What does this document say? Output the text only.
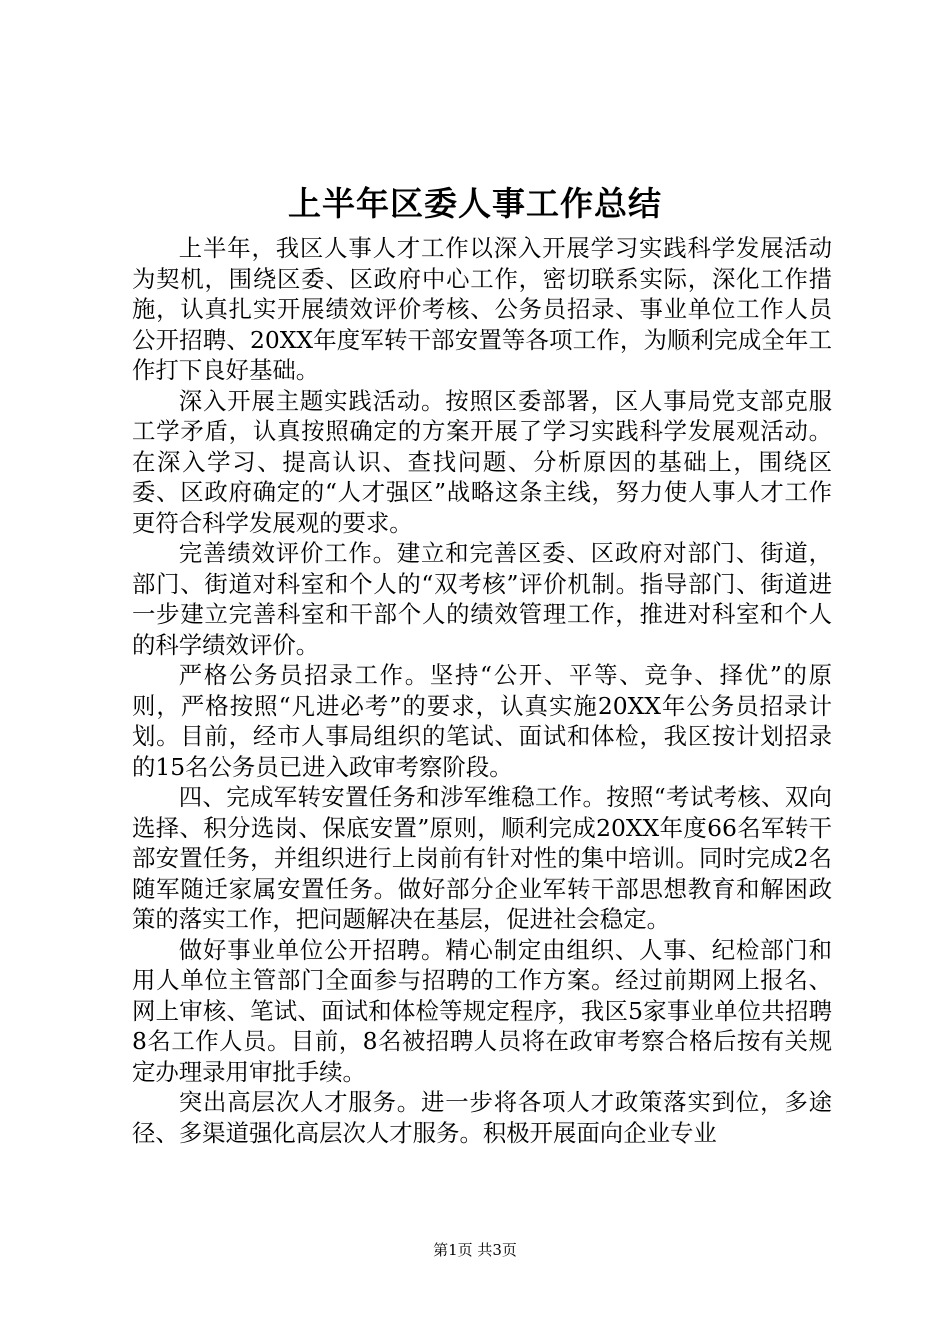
上半年区委人事工作总结

上半年，我区人事人才工作以深入开展学习实践科学发展活动为契机，围绕区委、区政府中心工作，密切联系实际，深化工作措施，认真扎实开展绩效评价考核、公务员招录、事业单位工作人员公开招聘、20XX年度军转干部安置等各项工作，为顺利完成全年工作打下良好基础。

深入开展主题实践活动。按照区委部署，区人事局党支部克服工学矛盾，认真按照确定的方案开展了学习实践科学发展观活动。在深入学习、提高认识、查找问题、分析原因的基础上，围绕区委、区政府确定的“人才强区”战略这条主线，努力使人事人才工作更符合科学发展观的要求。

完善绩效评价工作。建立和完善区委、区政府对部门、街道，部门、街道对科室和个人的“双考核”评价机制。指导部门、街道进一步建立完善科室和干部个人的绩效管理工作，推进对科室和个人的科学绩效评价。

严格公务员招录工作。坚持“公开、平等、竞争、择优”的原则，严格按照“凡进必考”的要求，认真实施20XX年公务员招录计划。目前，经市人事局组织的笔试、面试和体检，我区按计划招录的15名公务员已进入政审考察阶段。

四、完成军转安置任务和涉军维稳工作。按照“考试考核、双向选择、积分选岗、保底安置”原则，顺利完成20XX年度66名军转干部安置任务，并组织进行上岗前有针对性的集中培训。同时完成2名随军随迁家属安置任务。做好部分企业军转干部思想教育和解困政策的落实工作，把问题解决在基层，促进社会稳定。

做好事业单位公开招聘。精心制定由组织、人事、纪检部门和用人单位主管部门全面参与招聘的工作方案。经过前期网上报名、网上审核、笔试、面试和体检等规定程序，我区5家事业单位共招聘8名工作人员。目前，8名被招聘人员将在政审考察合格后按有关规定办理录用审批手续。

突出高层次人才服务。进一步将各项人才政策落实到位，多途径、多渠道强化高层次人才服务。积极开展面向企业专业

第1页 共3页
